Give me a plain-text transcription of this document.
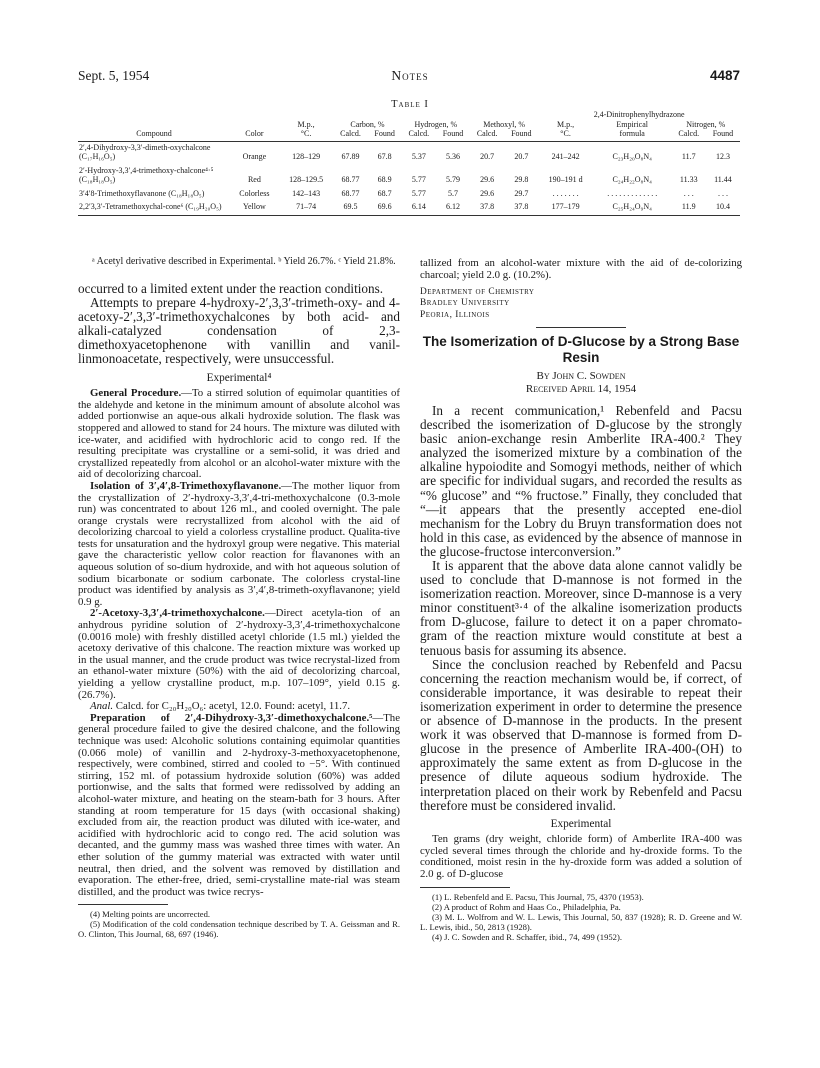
Sept. 5, 1954	Notes	4487
Table I
									2,4-Dinitrophenylhydrazone			
		M.p.,	Carbon, %		Hydrogen, %		Methoxyl, %		M.p.,	Empirical	Nitrogen, %	
Compound	Color	°C.	Calcd.	Found	Calcd.	Found	Calcd.	Found	°C.	formula	Calcd.	Found
2′,4-Dihydroxy-3,3′-dimeth-oxychalcone (C₁₇H₁₆O₅)	Orange	128–129	67.89	67.8	5.37	5.36	20.7	20.7	241–242	C₂₃H₂₀O₈N₄	11.7	12.3
2′-Hydroxy-3,3′,4-trimethoxy-chalcone⁴·⁵ (C₁₈H₁₈O₅)	Red	128–129.5	68.77	68.9	5.77	5.79	29.6	29.8	190–191 d	C₂₄H₂₂O₈N₄	11.33	11.44
3′4′8-Trimethoxyflavanone (C₁₈H₁₈O₅)	Colorless	142–143	68.77	68.7	5.77	5.7	29.6	29.7	. . . . . . .	. . . . . . . . . . . . .	. . .	. . .
2,2′3,3′-Tetramethoxychal-cone⁶ (C₁₉H₂₀O₅)	Yellow	71–74	69.5	69.6	6.14	6.12	37.8	37.8	177–179	C₂₅H₂₄O₉N₄	11.9	10.4
ᵃ Acetyl derivative described in Experimental. ᵇ Yield 26.7%. ᶜ Yield 21.8%.

occurred to a limited extent under the reaction conditions.

Attempts to prepare 4-hydroxy-2′,3,3′-trimeth-oxy- and 4-acetoxy-2′,3,3′-trimethoxychalcones by both acid- and alkali-catalyzed condensation of 2,3-dimethoxyacetophenone with vanillin and vanil-linmonoacetate, respectively, were unsuccessful.

Experimental⁴

General Procedure.—To a stirred solution of equimolar quantities of the aldehyde and ketone in the minimum amount of absolute alcohol was added portionwise an aque-ous alkali hydroxide solution. The flask was stoppered and allowed to stand for 24 hours. The mixture was diluted with ice-water, and acidified with hydrochloric acid to congo red. If the resulting precipitate was crystalline or a semi-solid, it was dried and crystallized repeatedly from alcohol or an alcohol-water mixture with the aid of decolorizing charcoal.

Isolation of 3′,4′,8-Trimethoxyflavanone.—The mother liquor from the crystallization of 2′-hydroxy-3,3′,4-tri-methoxychalcone (0.3-mole run) was concentrated to about 126 ml., and cooled overnight. The pale orange crystals were recrystallized from alcohol with the aid of decolorizing charcoal to yield a colorless crystalline product. Qualita-tive tests for unsaturation and the hydroxyl group were negative. This material gave the characteristic yellow color reaction for flavanones with an aqueous solution of so-dium hydroxide, and with hot aqueous solution of sodium bicarbonate or sodium carbonate. The colorless crystal-line product was identified by analysis as 3′,4′,8-trimeth-oxyflavanone; yield 0.9 g.

2′-Acetoxy-3,3′,4-trimethoxychalcone.—Direct acetyla-tion of an anhydrous pyridine solution of 2′-hydroxy-3,3′,4-trimethoxychalcone (0.0016 mole) with freshly distilled acetyl chloride (1.5 ml.) yielded the acetoxy derivative of this chalcone. The reaction mixture was worked up in the usual manner, and the crude product was twice recrystal-lized from an ethanol-water mixture (50%) with the aid of decolorizing charcoal, yielding a yellow crystalline product, m.p. 107–109°, yield 0.15 g. (26.7%).

Anal. Calcd. for C₂₀H₂₀O₆: acetyl, 12.0. Found: acetyl, 11.7.

Preparation of 2′,4-Dihydroxy-3,3′-dimethoxychalcone.⁵—The general procedure failed to give the desired chalcone, and the following technique was used: Alcoholic solutions containing equimolar quantities (0.066 mole) of vanillin and 2-hydroxy-3-methoxyacetophenone, respectively, were combined, stirred and cooled to −5°. With continued stirring, 152 ml. of potassium hydroxide solution (60%) was added portionwise, and the salts that formed were redissolved by adding an alcohol-water mixture, and heating on the steam-bath for 3 hours. After standing at room temperature for 15 days (with occasional shaking) excluded from air, the reaction product was diluted with ice-water, and acidified with hydrochloric acid to congo red. The acid solution was decanted, and the gummy mass was washed three times with water. An ether solution of the gummy material was extracted with water until neutral, then dried, and the solvent was removed by distillation and evaporation. The ether-free, dried, semi-crystalline mate-rial was steam distilled, and the product was twice recrys-

(4) Melting points are uncorrected.

(5) Modification of the cold condensation technique described by T. A. Geissman and R. O. Clinton, This Journal, 68, 697 (1946).

tallized from an alcohol-water mixture with the aid of de-colorizing charcoal; yield 2.0 g. (10.2%).

Department of Chemistry
Bradley University
Peoria, Illinois
The Isomerization of D-Glucose by a Strong Base Resin
By John C. Sowden
Received April 14, 1954

In a recent communication,¹ Rebenfeld and Pacsu described the isomerization of D-glucose by the strongly basic anion-exchange resin Amberlite IRA-400.² They analyzed the isomerized mixture by a combination of the alkaline hypoiodite and Somogyi methods, neither of which are specific for individual sugars, and recorded the results as “% glucose” and “% fructose.” Finally, they concluded that “—it appears that the presently accepted ene-diol mechanism for the Lobry du Bruyn transformation does not hold in this case, as evidenced by the absence of mannose in the glucose-fructose interconversion.”

It is apparent that the above data alone cannot validly be used to conclude that D-mannose is not formed in the isomerization reaction. Moreover, since D-mannose is a very minor constituent³·⁴ of the alkaline isomerization products from D-glucose, failure to detect it on a paper chromato-gram of the reaction mixture would constitute at best a tenuous basis for assuming its absence.

Since the conclusion reached by Rebenfeld and Pacsu concerning the reaction mechanism would be, if correct, of considerable importance, it was desirable to repeat their isomerization experiment in order to determine the presence or absence of D-mannose in the products. In the present work it was observed that D-mannose is formed from D-glucose in the presence of Amberlite IRA-400-(OH) to approximately the same extent as from D-glucose in the presence of dilute aqueous sodium hydroxide. The interpretation placed on their work by Rebenfeld and Pacsu therefore must be considered invalid.

Experimental

Ten grams (dry weight, chloride form) of Amberlite IRA-400 was cycled several times through the chloride and hy-droxide forms. To the conditioned, moist resin in the hy-droxide form was added a solution of 2.0 g. of D-glucose

(1) L. Rebenfeld and E. Pacsu, This Journal, 75, 4370 (1953).

(2) A product of Rohm and Haas Co., Philadelphia, Pa.

(3) M. L. Wolfrom and W. L. Lewis, This Journal, 50, 837 (1928); R. D. Greene and W. L. Lewis, ibid., 50, 2813 (1928).

(4) J. C. Sowden and R. Schaffer, ibid., 74, 499 (1952).
